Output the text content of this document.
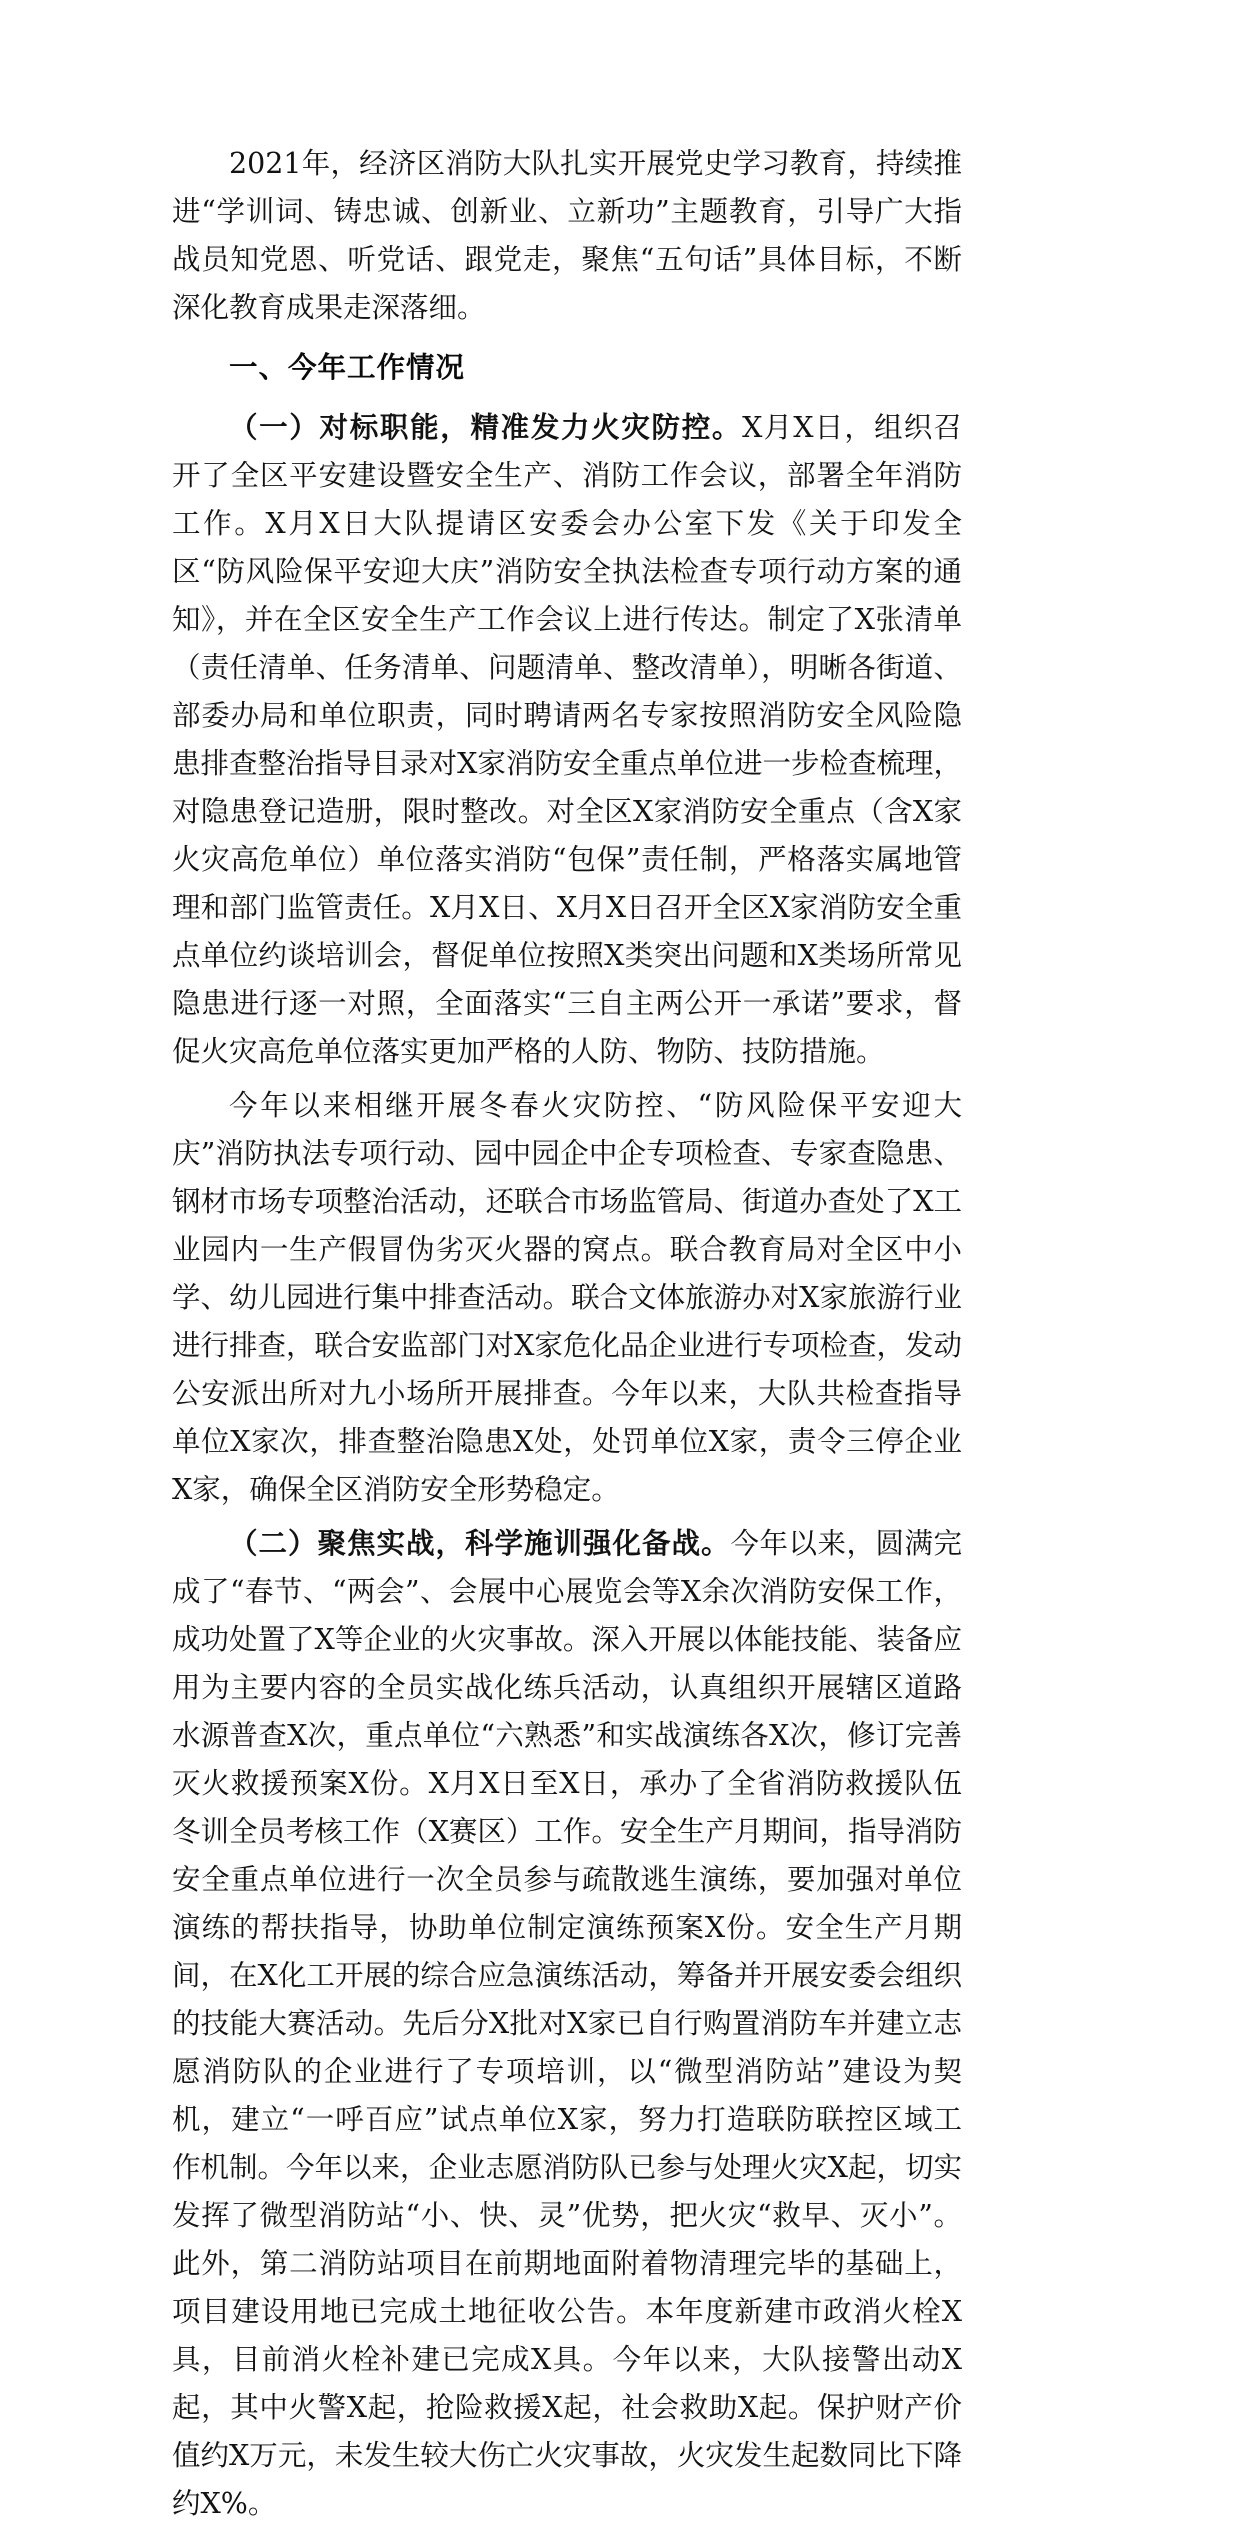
2021年，经济区消防大队扎实开展党史学习教育，持续推进“学训词、铸忠诚、创新业、立新功”主题教育，引导广大指战员知党恩、听党话、跟党走，聚焦“五句话”具体目标，不断深化教育成果走深落细。

一、今年工作情况

（一）对标职能，精准发力火灾防控。X月X日，组织召开了全区平安建设暨安全生产、消防工作会议，部署全年消防工作。X月X日大队提请区安委会办公室下发《关于印发全区“防风险保平安迎大庆”消防安全执法检查专项行动方案的通知》，并在全区安全生产工作会议上进行传达。制定了X张清单（责任清单、任务清单、问题清单、整改清单），明晰各街道、部委办局和单位职责，同时聘请两名专家按照消防安全风险隐患排查整治指导目录对X家消防安全重点单位进一步检查梳理，对隐患登记造册，限时整改。对全区X家消防安全重点（含X家火灾高危单位）单位落实消防“包保”责任制，严格落实属地管理和部门监管责任。X月X日、X月X日召开全区X家消防安全重点单位约谈培训会，督促单位按照X类突出问题和X类场所常见隐患进行逐一对照，全面落实“三自主两公开一承诺”要求，督促火灾高危单位落实更加严格的人防、物防、技防措施。

今年以来相继开展冬春火灾防控、“防风险保平安迎大庆”消防执法专项行动、园中园企中企专项检查、专家查隐患、钢材市场专项整治活动，还联合市场监管局、街道办查处了X工业园内一生产假冒伪劣灭火器的窝点。联合教育局对全区中小学、幼儿园进行集中排查活动。联合文体旅游办对X家旅游行业进行排查，联合安监部门对X家危化品企业进行专项检查，发动公安派出所对九小场所开展排查。今年以来，大队共检查指导单位X家次，排查整治隐患X处，处罚单位X家，责令三停企业X家，确保全区消防安全形势稳定。

（二）聚焦实战，科学施训强化备战。今年以来，圆满完成了“春节、“两会”、会展中心展览会等X余次消防安保工作，成功处置了X等企业的火灾事故。深入开展以体能技能、装备应用为主要内容的全员实战化练兵活动，认真组织开展辖区道路水源普查X次，重点单位“六熟悉”和实战演练各X次，修订完善灭火救援预案X份。X月X日至X日，承办了全省消防救援队伍冬训全员考核工作（X赛区）工作。安全生产月期间，指导消防安全重点单位进行一次全员参与疏散逃生演练，要加强对单位演练的帮扶指导，协助单位制定演练预案X份。安全生产月期间，在X化工开展的综合应急演练活动，筹备并开展安委会组织的技能大赛活动。先后分X批对X家已自行购置消防车并建立志愿消防队的企业进行了专项培训，以“微型消防站”建设为契机，建立“一呼百应”试点单位X家，努力打造联防联控区域工作机制。今年以来，企业志愿消防队已参与处理火灾X起，切实发挥了微型消防站“小、快、灵”优势，把火灾“救早、灭小”。此外，第二消防站项目在前期地面附着物清理完毕的基础上，项目建设用地已完成土地征收公告。本年度新建市政消火栓X具，目前消火栓补建已完成X具。今年以来，大队接警出动X起，其中火警X起，抢险救援X起，社会救助X起。保护财产价值约X万元，未发生较大伤亡火灾事故，火灾发生起数同比下降约X%。
